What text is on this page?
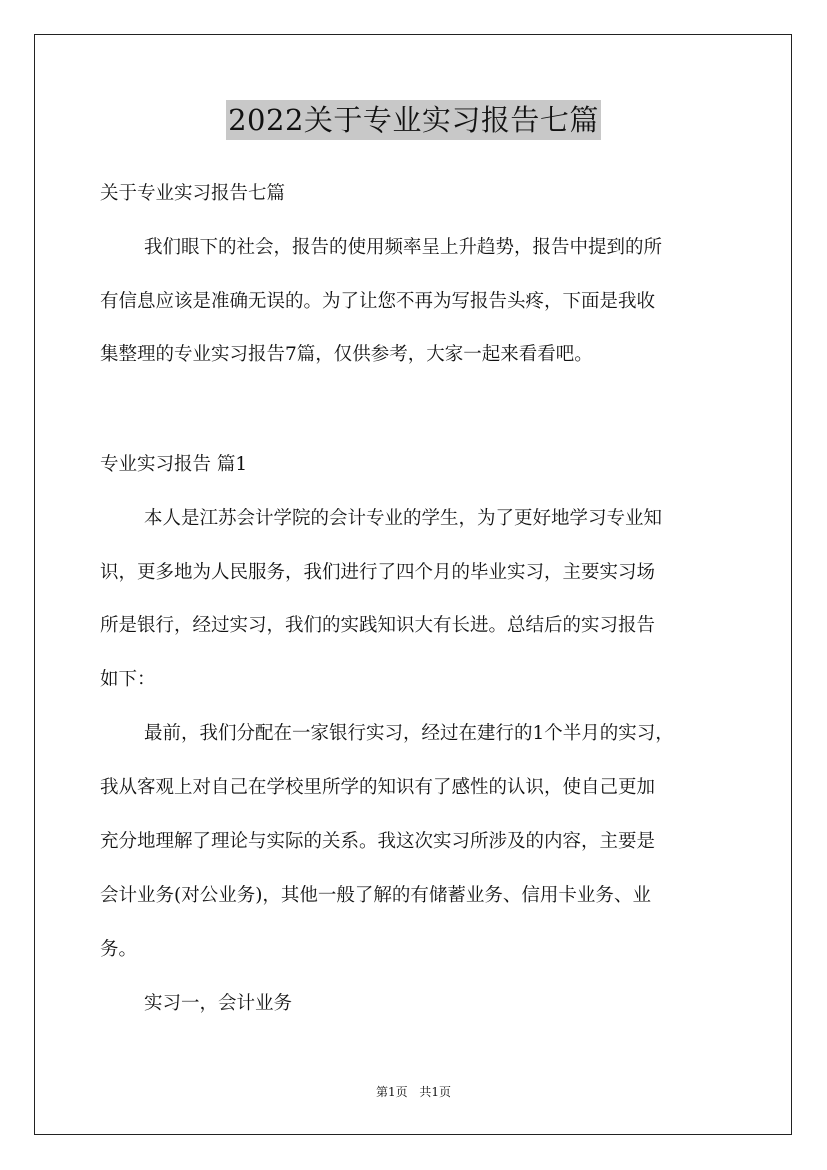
2022关于专业实习报告七篇
关于专业实习报告七篇
我们眼下的社会，报告的使用频率呈上升趋势，报告中提到的所
有信息应该是准确无误的。为了让您不再为写报告头疼，下面是我收
集整理的专业实习报告7篇，仅供参考，大家一起来看看吧。
专业实习报告 篇1
本人是江苏会计学院的会计专业的学生，为了更好地学习专业知
识，更多地为人民服务，我们进行了四个月的毕业实习，主要实习场
所是银行，经过实习，我们的实践知识大有长进。总结后的实习报告
如下：
最前，我们分配在一家银行实习，经过在建行的1个半月的实习，
我从客观上对自己在学校里所学的知识有了感性的认识，使自己更加
充分地理解了理论与实际的关系。我这次实习所涉及的内容，主要是
会计业务(对公业务)，其他一般了解的有储蓄业务、信用卡业务、业
务。
实习一，会计业务
第1页 共1页
